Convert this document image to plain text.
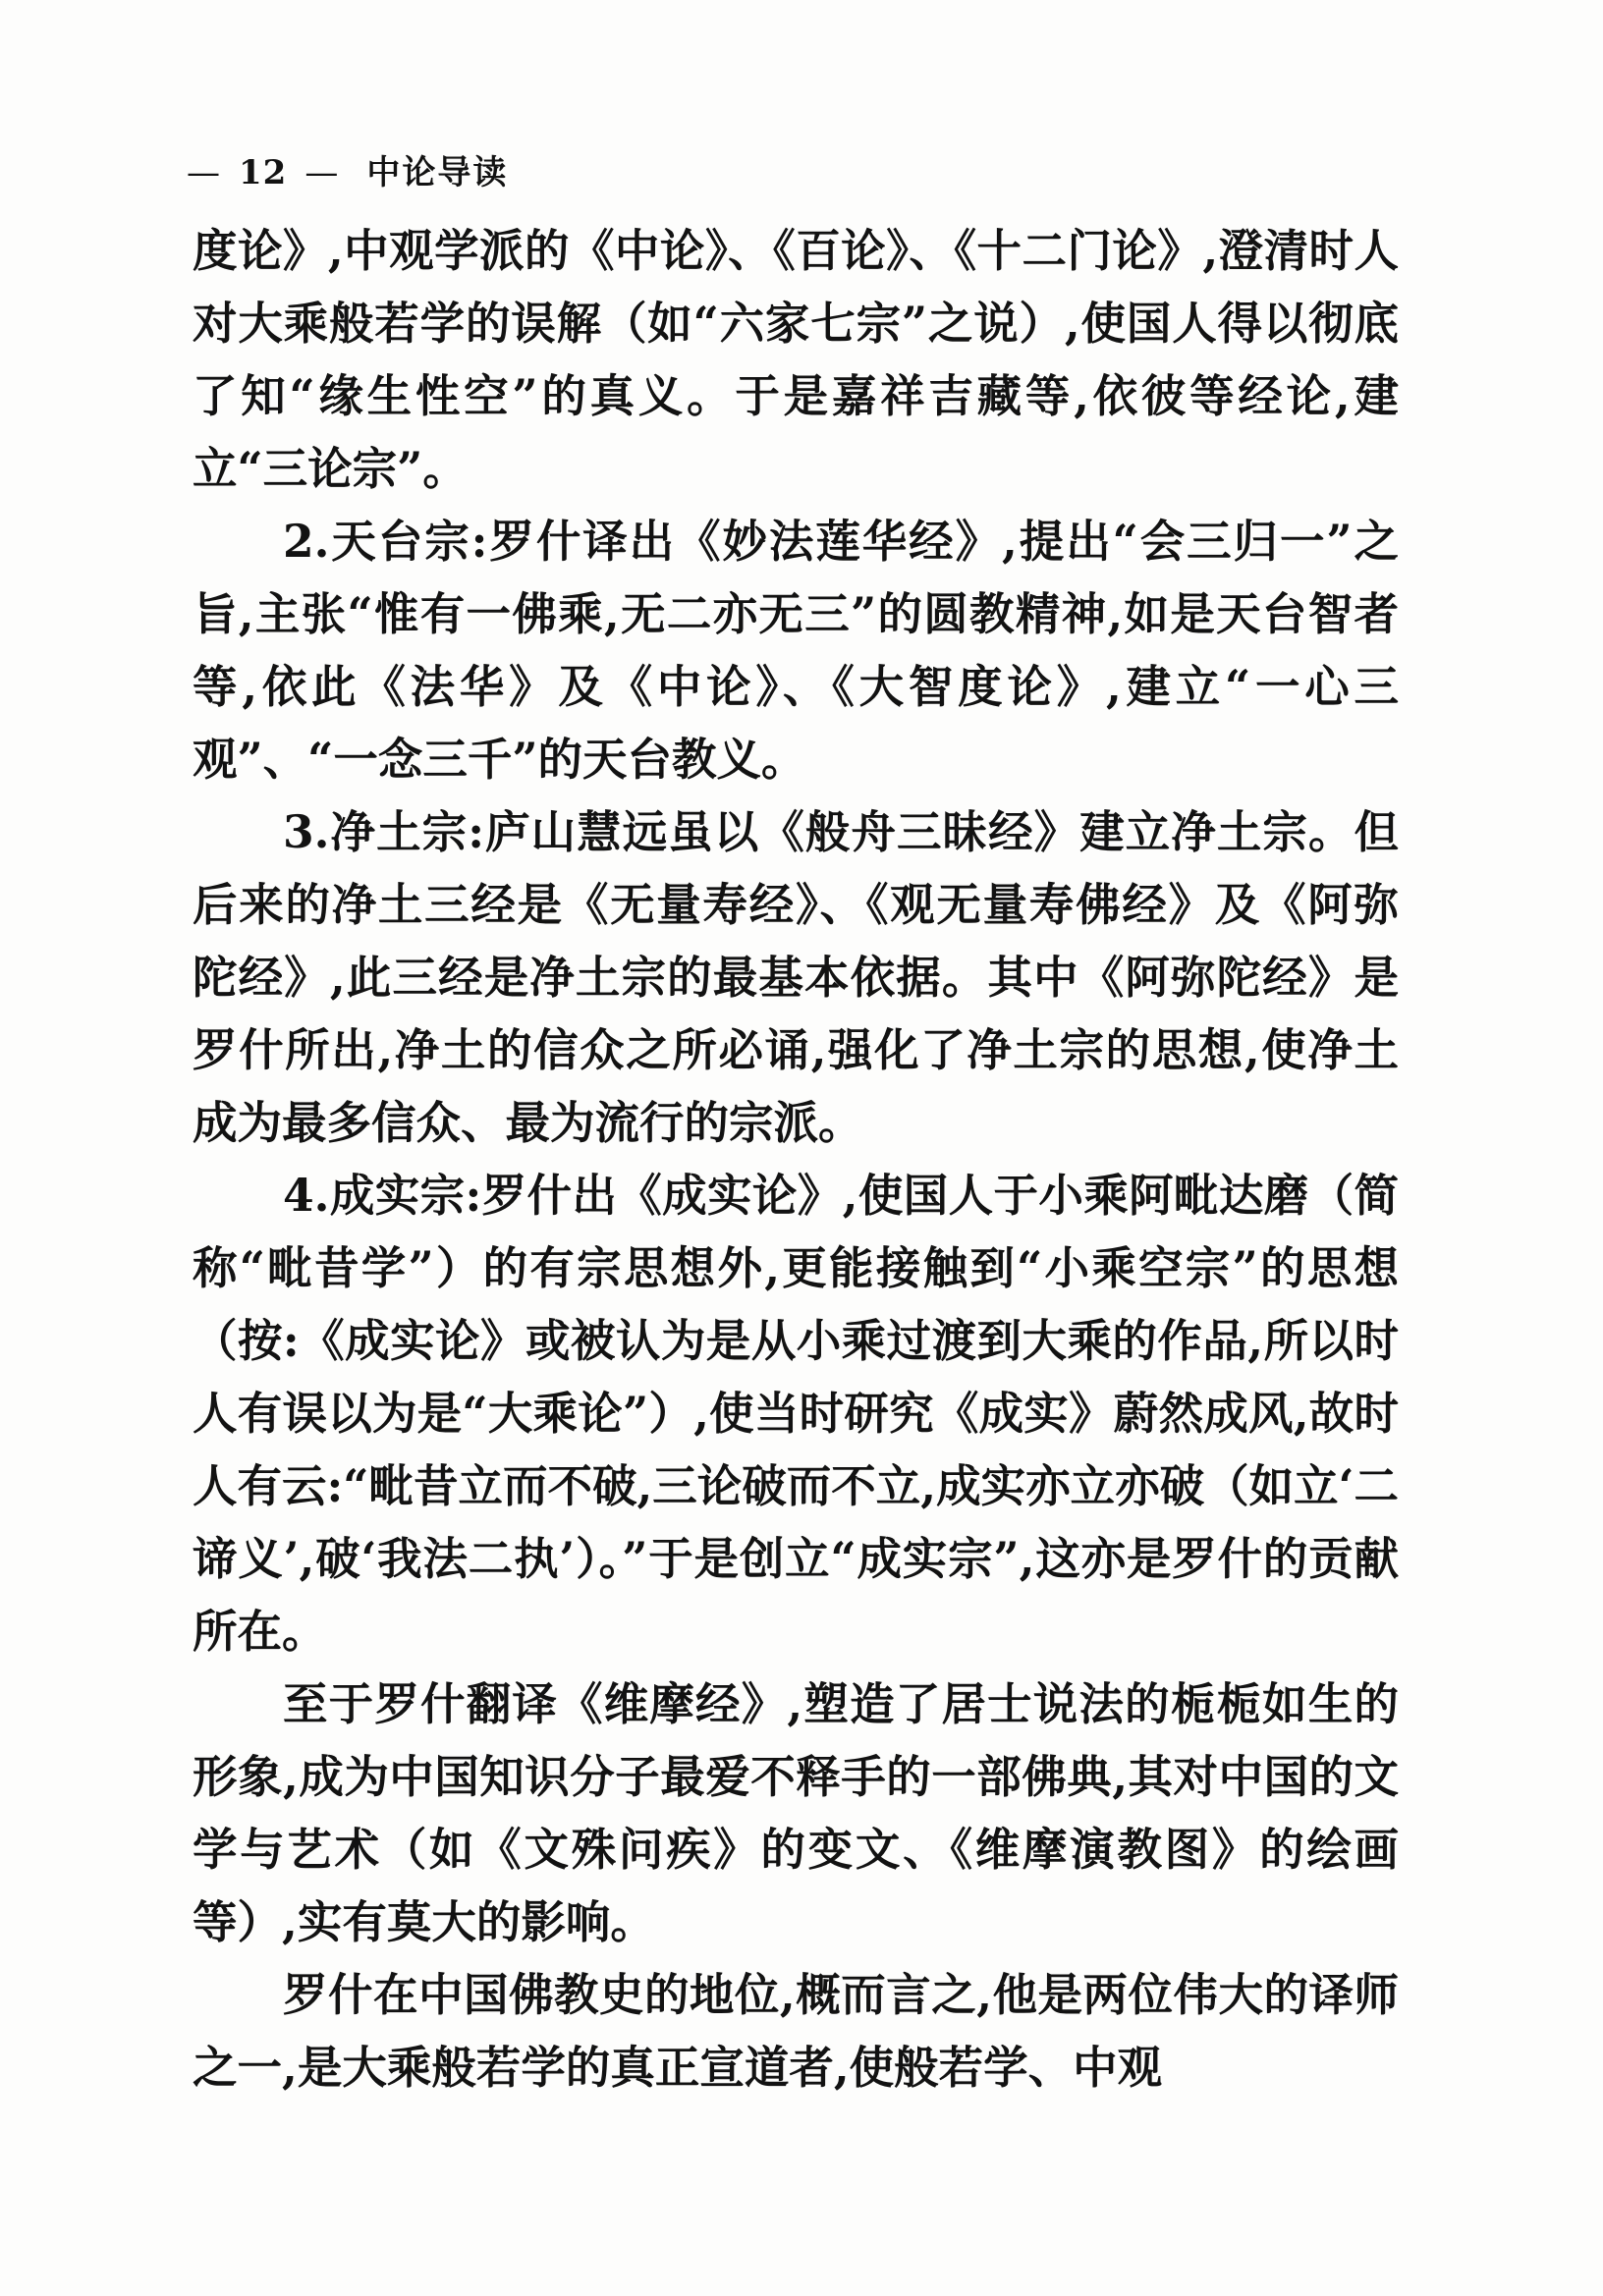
— 12 — 中论导读

度论》,中观学派的《中论》、《百论》、《十二门论》,澄清时人对大乘般若学的误解（如“六家七宗”之说）,使国人得以彻底了知“缘生性空”的真义。于是嘉祥吉藏等,依彼等经论,建立“三论宗”。

2.天台宗:罗什译出《妙法莲华经》,提出“会三归一”之旨,主张“惟有一佛乘,无二亦无三”的圆教精神,如是天台智者等,依此《法华》及《中论》、《大智度论》,建立“一心三观”、“一念三千”的天台教义。

3.净土宗:庐山慧远虽以《般舟三昧经》建立净土宗。但后来的净土三经是《无量寿经》、《观无量寿佛经》及《阿弥陀经》,此三经是净土宗的最基本依据。其中《阿弥陀经》是罗什所出,净土的信众之所必诵,强化了净土宗的思想,使净土成为最多信众、最为流行的宗派。

4.成实宗:罗什出《成实论》,使国人于小乘阿毗达磨（简称“毗昔学”）的有宗思想外,更能接触到“小乘空宗”的思想（按:《成实论》或被认为是从小乘过渡到大乘的作品,所以时人有误以为是“大乘论”）,使当时研究《成实》蔚然成风,故时人有云:“毗昔立而不破,三论破而不立,成实亦立亦破（如立‘二谛义’,破‘我法二执’）。”于是创立“成实宗”,这亦是罗什的贡献所在。

至于罗什翻译《维摩经》,塑造了居士说法的栀栀如生的形象,成为中国知识分子最爱不释手的一部佛典,其对中国的文学与艺术（如《文殊问疾》的变文、《维摩演教图》的绘画等）,实有莫大的影响。

罗什在中国佛教史的地位,概而言之,他是两位伟大的译师之一,是大乘般若学的真正宣道者,使般若学、中观
